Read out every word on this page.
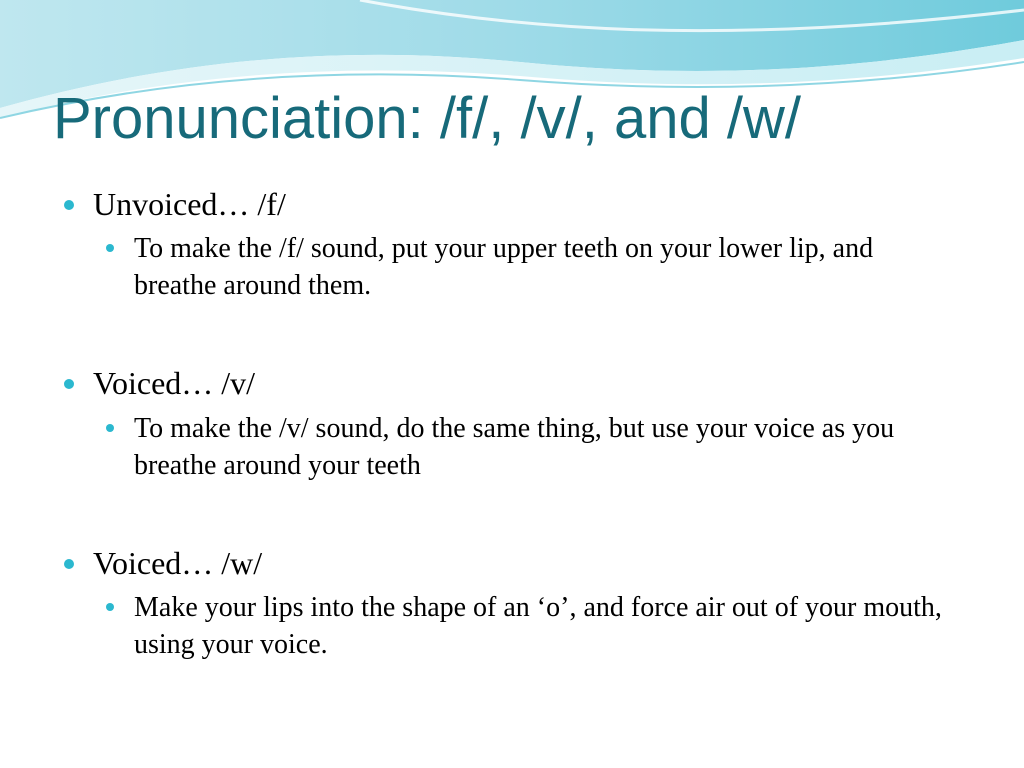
Pronunciation: /f/, /v/, and /w/
Unvoiced… /f/
To make the /f/ sound, put your upper teeth on your lower lip, and breathe around them.
Voiced… /v/
To make the /v/ sound, do the same thing, but use your voice as you breathe around your teeth
Voiced… /w/
Make your lips into the shape of an ‘o’, and force air out of your mouth, using your voice.
